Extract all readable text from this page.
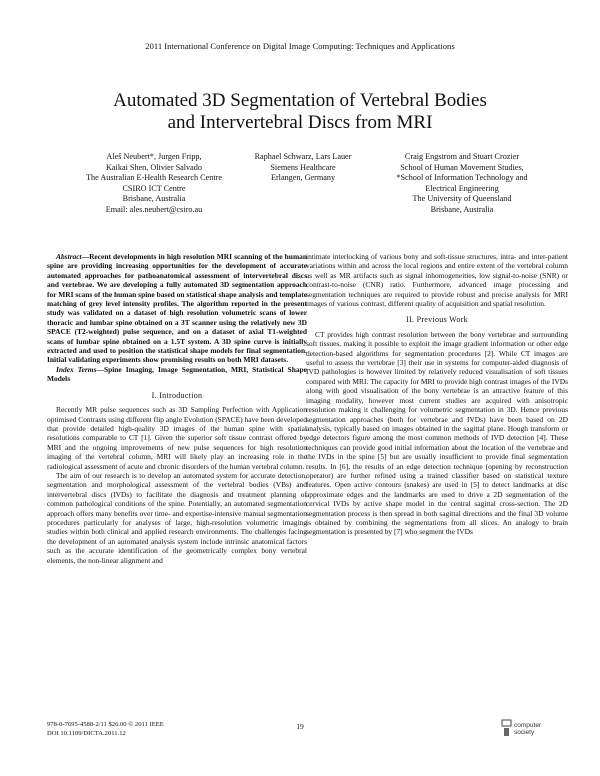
2011 International Conference on Digital Image Computing: Techniques and Applications
Automated 3D Segmentation of Vertebral Bodies
and Intervertebral Discs from MRI
Aleš Neubert*, Jurgen Fripp,
Kaikai Shen, Olivier Salvado
The Australian E-Health Research Centre
CSIRO ICT Centre
Brisbane, Australia
Email: ales.neubert@csiro.au
Raphael Schwarz, Lars Lauer
Siemens Healthcare
Erlangen, Germany
Craig Engstrom and Stuart Crozier
School of Human Movement Studies,
*School of Information Technology and
Electrical Engineering
The University of Queensland
Brisbane, Australia

Abstract—Recent developments in high resolution MRI scanning of the human spine are providing increasing opportunities for the development of accurate automated approaches for pathoanatomical assessment of intervertebral discs and vertebrae. We are developing a fully automated 3D segmentation approach for MRI scans of the human spine based on statistical shape analysis and template matching of grey level intensity profiles. The algorithm reported in the present study was validated on a dataset of high resolution volumetric scans of lower thoracic and lumbar spine obtained on a 3T scanner using the relatively new 3D SPACE (T2-weighted) pulse sequence, and on a dataset of axial T1-weighted scans of lumbar spine obtained on a 1.5T system. A 3D spine curve is initially extracted and used to position the statistical shape models for final segmentation. Initial validating experiments show promising results on both MRI datasets.

Index Terms—Spine Imaging, Image Segmentation, MRI, Statistical Shape Models

I. Introduction

Recently MR pulse sequences such as 3D Sampling Perfection with Application optimised Contrasts using different flip angle Evolution (SPACE) have been developed that provide detailed high-quality 3D images of the human spine with spatial resolutions comparable to CT [1]. Given the superior soft tissue contrast offered by MRI and the ongoing improvements of new pulse sequences for high resolution imaging of the vertebral column, MRI will likely play an increasing role in the radiological assessment of acute and chronic disorders of the human vertebral column.

The aim of our research is to develop an automated system for accurate detection, segmentation and morphological assessment of the vertebral bodies (VBs) and intervertebral discs (IVDs) to facilitate the diagnosis and treatment planning of common pathological conditions of the spine. Potentially, an automated segmentation approach offers many benefits over time- and expertise-intensive manual segmentation procedures particularly for analyses of large, high-resolution volumetric imaging studies within both clinical and applied research environments. The challenges facing the development of an automated analysis system include intrinsic anatomical factors such as the accurate identification of the geometrically complex bony vertebral elements, the non-linear alignment and

intimate interlocking of various bony and soft-tissue structures, intra- and inter-patient variations within and across the local regions and entire extent of the vertebral column as well as MR artifacts such as signal inhomogeneities, low signal-to-noise (SNR) or contrast-to-noise (CNR) ratio. Furthermore, advanced image processing and segmentation techniques are required to provide robust and precise analysis for MRI images of various contrast, different quality of acquisition and spatial resolution.

II. Previous Work

CT provides high contrast resolution between the bony vertebrae and surrounding soft tissues, making it possible to exploit the image gradient information or other edge detection-based algorithms for segmentation procedures [2]. While CT images are useful to assess the vertebrae [3] their use in systems for computer-aided diagnosis of IVD pathologies is however limited by relatively reduced visualisation of soft tissues compared with MRI. The capacity for MRI to provide high contrast images of the IVDs along with good visualisation of the bony vertebrae is an attractive feature of this imaging modality, however most current studies are acquired with anisotropic resolution making it challenging for volumetric segmentation in 3D. Hence previous segmentation approaches (both for vertebrae and IVDs) have been based on 2D analysis, typically based on images obtained in the sagittal plane. Hough transform or edge detectors figure among the most common methods of IVD detection [4]. These techniques can provide good initial information about the location of the vertebrae and the IVDs in the spine [5] but are usually insufficient to provide final segmentation results. In [6], the results of an edge detection technique (opening by reconstruction operator) are further refined using a trained classifier based on statistical texture features. Open active contours (snakes) are used in [5] to detect landmarks at disc approximate edges and the landmarks are used to drive a 2D segmentation of the cervical IVDs by active shape model in the central sagittal cross-section. The 2D segmentation process is then spread in both sagittal directions and the final 3D volume is obtained by combining the segmentations from all slices. An analogy to brain segmentation is presented by [7] who segment the IVDs

978-0-7695-4588-2/11 $26.00 © 2011 IEEE
DOI 10.1109/DICTA.2011.12
19	computer
society
